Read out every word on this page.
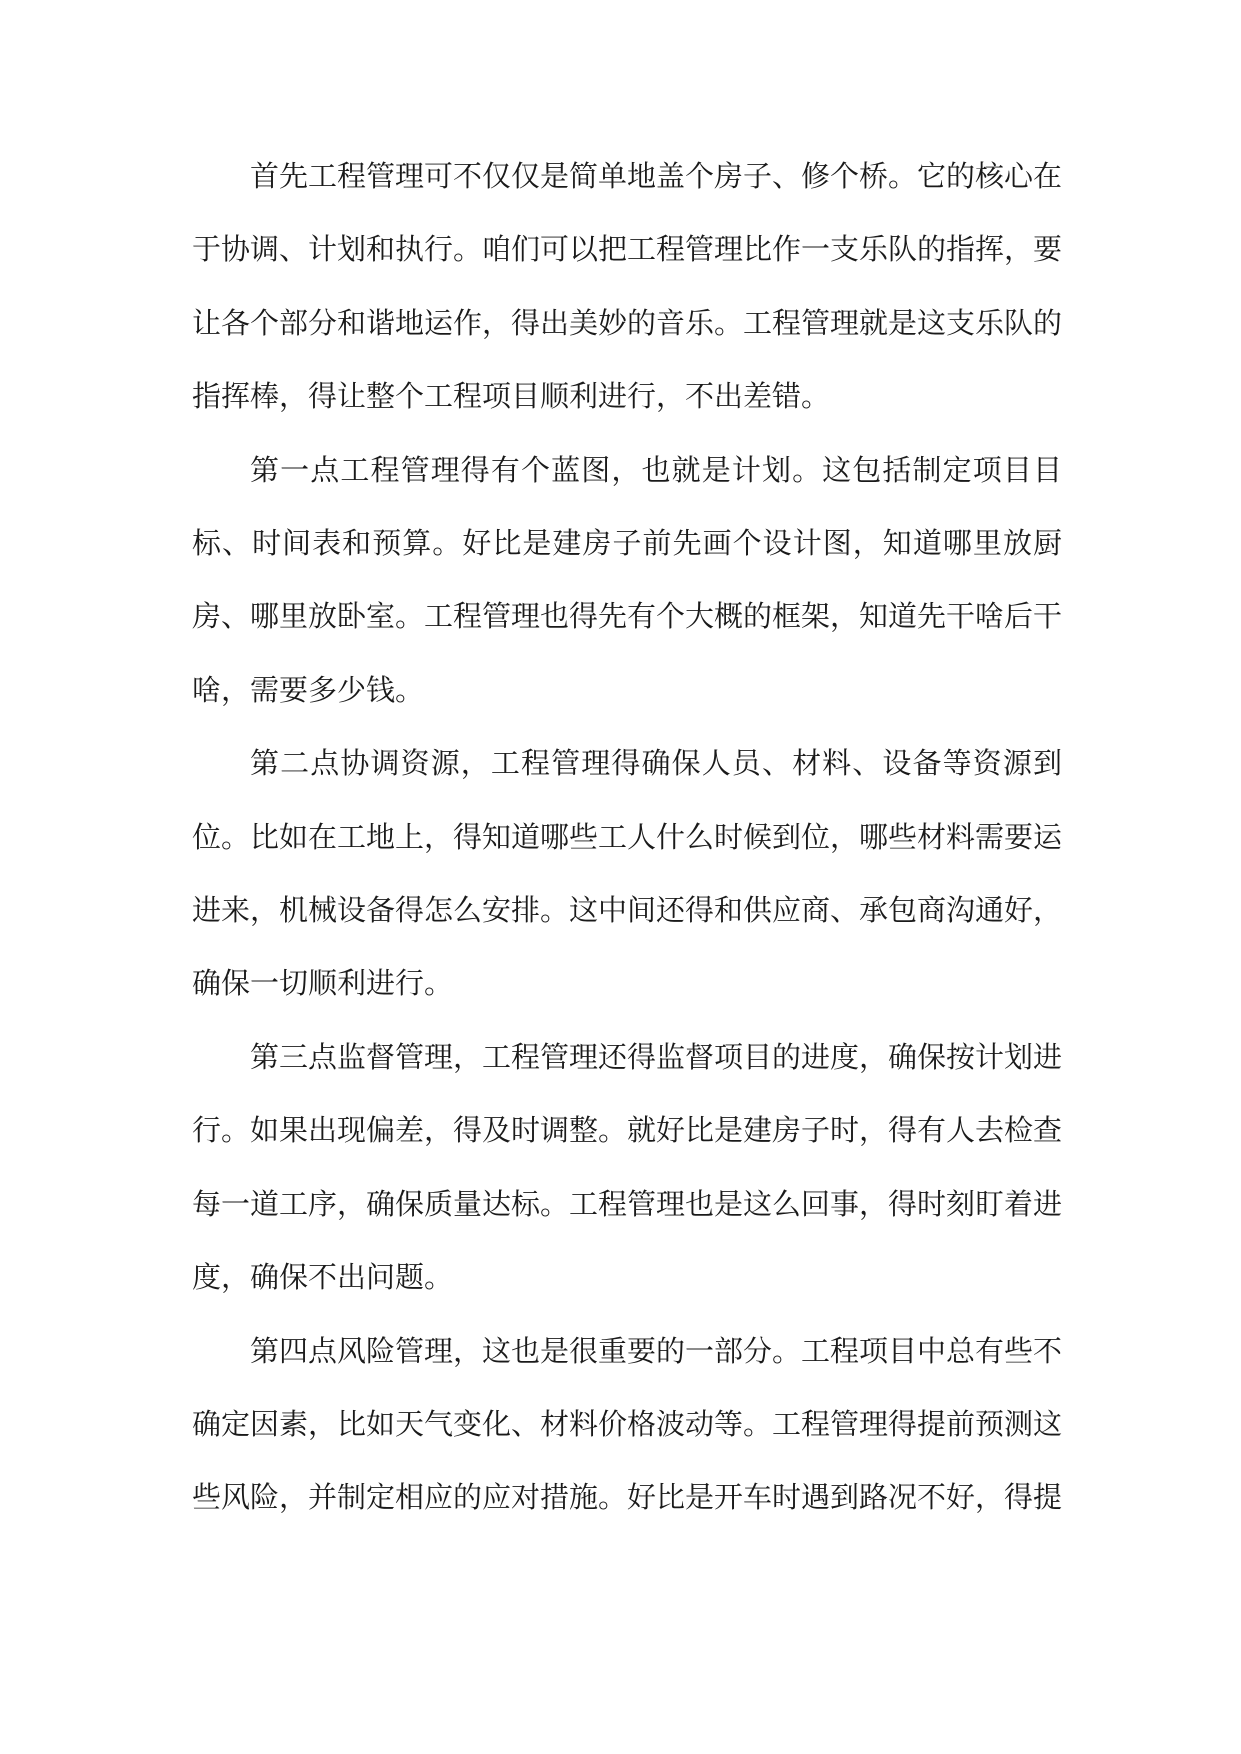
首先工程管理可不仅仅是简单地盖个房子、修个桥。它的核心在于协调、计划和执行。咱们可以把工程管理比作一支乐队的指挥，要让各个部分和谐地运作，得出美妙的音乐。工程管理就是这支乐队的指挥棒，得让整个工程项目顺利进行，不出差错。

第一点工程管理得有个蓝图，也就是计划。这包括制定项目目标、时间表和预算。好比是建房子前先画个设计图，知道哪里放厨房、哪里放卧室。工程管理也得先有个大概的框架，知道先干啥后干啥，需要多少钱。

第二点协调资源，工程管理得确保人员、材料、设备等资源到位。比如在工地上，得知道哪些工人什么时候到位，哪些材料需要运进来，机械设备得怎么安排。这中间还得和供应商、承包商沟通好，确保一切顺利进行。

第三点监督管理，工程管理还得监督项目的进度，确保按计划进行。如果出现偏差，得及时调整。就好比是建房子时，得有人去检查每一道工序，确保质量达标。工程管理也是这么回事，得时刻盯着进度，确保不出问题。

第四点风险管理，这也是很重要的一部分。工程项目中总有些不确定因素，比如天气变化、材料价格波动等。工程管理得提前预测这些风险，并制定相应的应对措施。好比是开车时遇到路况不好，得提
